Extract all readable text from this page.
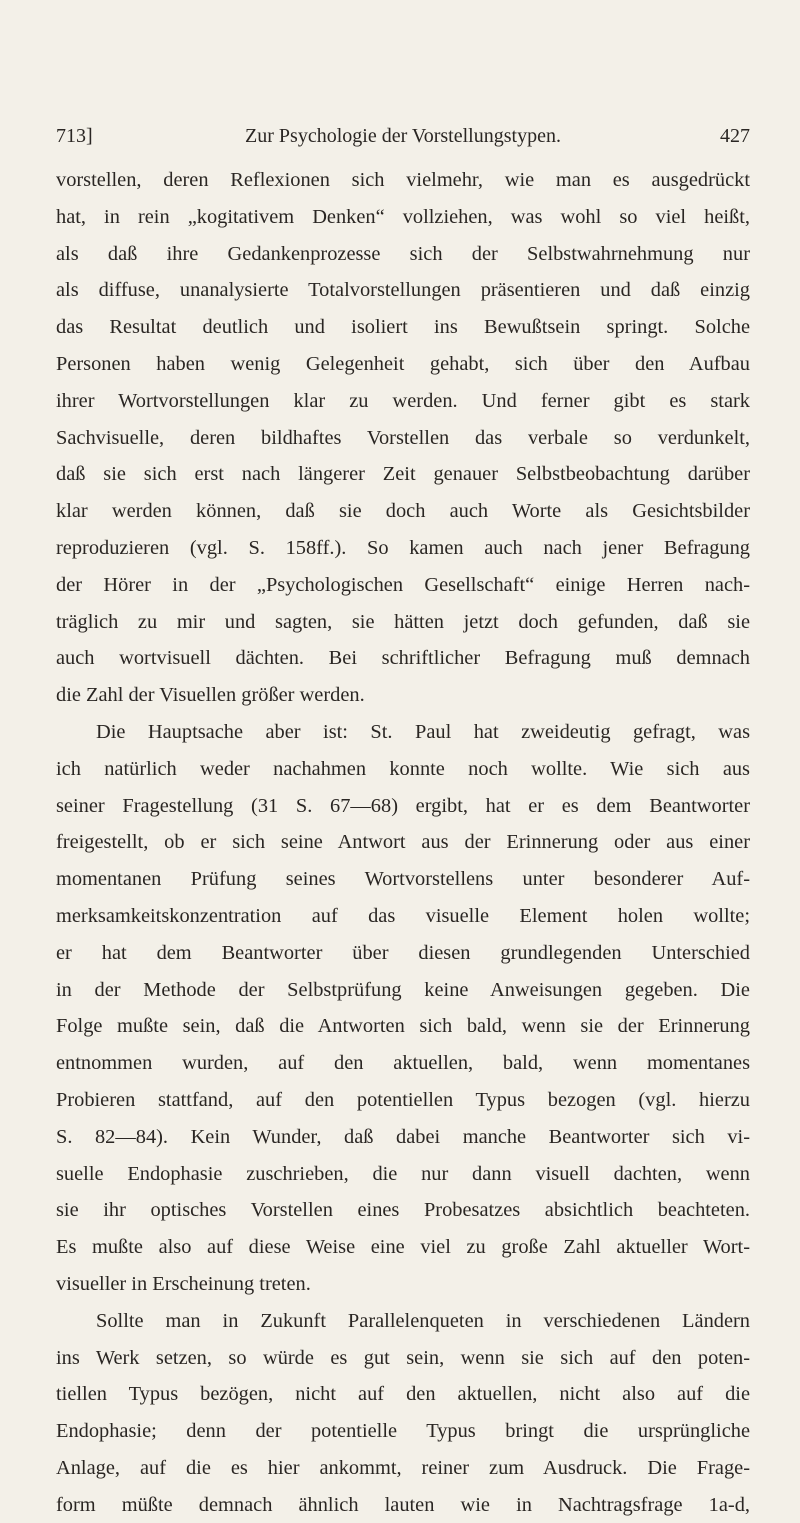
713]	Zur Psychologie der Vorstellungstypen.	427
vorstellen, deren Reflexionen sich vielmehr, wie man es ausgedrückt
hat, in rein „kogitativem Denken“ vollziehen, was wohl so viel heißt,
als daß ihre Gedankenprozesse sich der Selbstwahrnehmung nur
als diffuse, unanalysierte Totalvorstellungen präsentieren und daß einzig
das Resultat deutlich und isoliert ins Bewußtsein springt. Solche
Personen haben wenig Gelegenheit gehabt, sich über den Aufbau
ihrer Wortvorstellungen klar zu werden. Und ferner gibt es stark
Sachvisuelle, deren bildhaftes Vorstellen das verbale so verdunkelt,
daß sie sich erst nach längerer Zeit genauer Selbstbeobachtung darüber
klar werden können, daß sie doch auch Worte als Gesichtsbilder
reproduzieren (vgl. S. 158ff.). So kamen auch nach jener Befragung
der Hörer in der „Psychologischen Gesellschaft“ einige Herren nach-
träglich zu mir und sagten, sie hätten jetzt doch gefunden, daß sie
auch wortvisuell dächten. Bei schriftlicher Befragung muß demnach
die Zahl der Visuellen größer werden.
Die Hauptsache aber ist: St. Paul hat zweideutig gefragt, was
ich natürlich weder nachahmen konnte noch wollte. Wie sich aus
seiner Fragestellung (31 S. 67—68) ergibt, hat er es dem Beantworter
freigestellt, ob er sich seine Antwort aus der Erinnerung oder aus einer
momentanen Prüfung seines Wortvorstellens unter besonderer Auf-
merksamkeitskonzentration auf das visuelle Element holen wollte;
er hat dem Beantworter über diesen grundlegenden Unterschied
in der Methode der Selbstprüfung keine Anweisungen gegeben. Die
Folge mußte sein, daß die Antworten sich bald, wenn sie der Erinnerung
entnommen wurden, auf den aktuellen, bald, wenn momentanes
Probieren stattfand, auf den potentiellen Typus bezogen (vgl. hierzu
S. 82—84). Kein Wunder, daß dabei manche Beantworter sich vi-
suelle Endophasie zuschrieben, die nur dann visuell dachten, wenn
sie ihr optisches Vorstellen eines Probesatzes absichtlich beachteten.
Es mußte also auf diese Weise eine viel zu große Zahl aktueller Wort-
visueller in Erscheinung treten.
Sollte man in Zukunft Parallelenqueten in verschiedenen Ländern
ins Werk setzen, so würde es gut sein, wenn sie sich auf den poten-
tiellen Typus bezögen, nicht auf den aktuellen, nicht also auf die
Endophasie; denn der potentielle Typus bringt die ursprüngliche
Anlage, auf die es hier ankommt, reiner zum Ausdruck. Die Frage-
form müßte demnach ähnlich lauten wie in Nachtragsfrage 1a-d,
